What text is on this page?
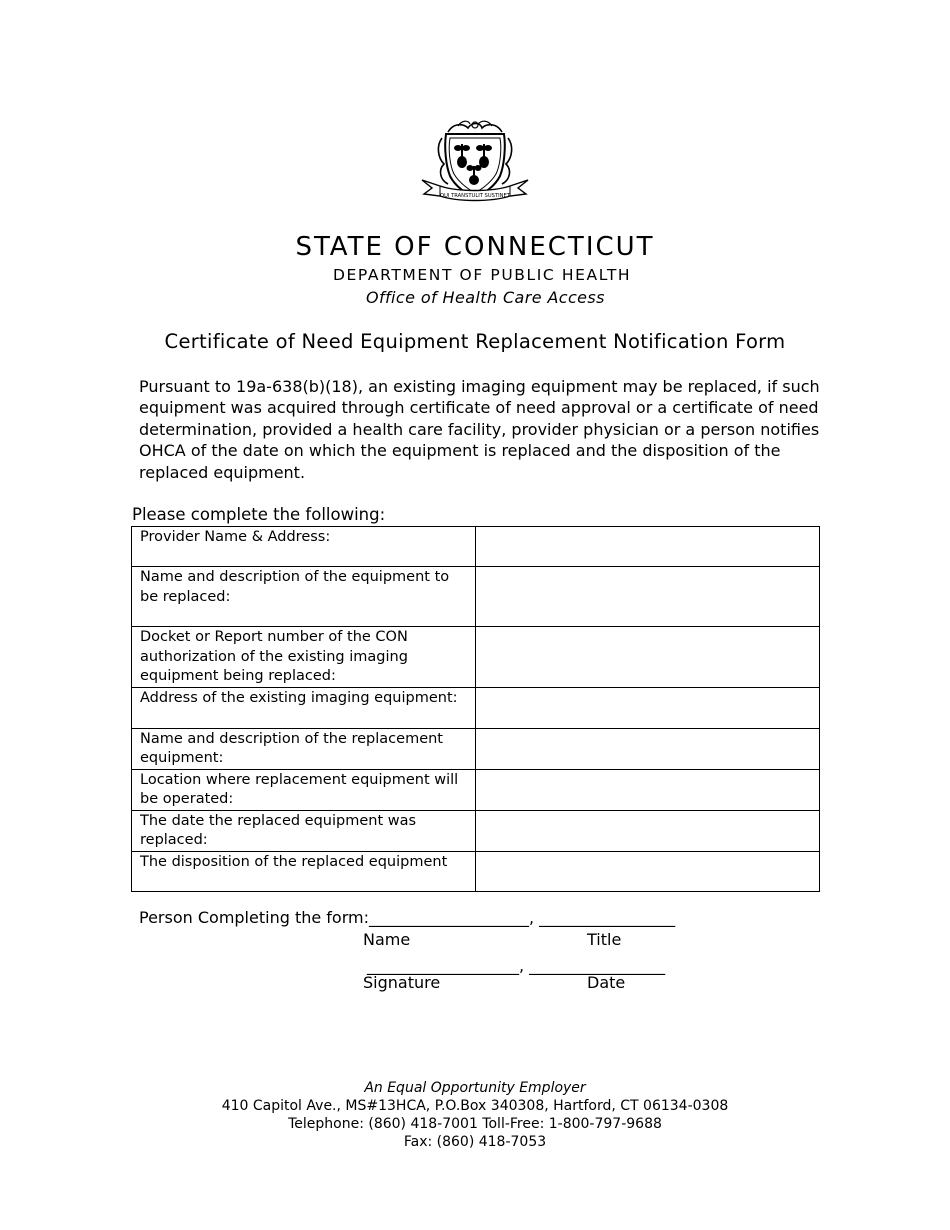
QUI TRANSTULIT SUSTINET
STATE OF CONNECTICUT
DEPARTMENT OF PUBLIC HEALTH
Office of Health Care Access
Certificate of Need Equipment Replacement Notification Form
Pursuant to 19a-638(b)(18), an existing imaging equipment may be replaced, if such equipment was acquired through certificate of need approval or a certificate of need determination, provided a health care facility, provider physician or a person notifies OHCA of the date on which the equipment is replaced and the disposition of the replaced equipment.
Please complete the following:
Provider Name & Address:	
Name and description of the equipment to be replaced:	
Docket or Report number of the CON authorization of the existing imaging equipment being replaced:	
Address of the existing imaging equipment:	
Name and description of the replacement equipment:	
Location where replacement equipment will be operated:	
The date the replaced equipment was replaced:	
The disposition of the replaced equipment	
Person Completing the form:____________________, _________________
Name	Title
___________________, _________________
Signature	Date
An Equal Opportunity Employer
410 Capitol Ave., MS#13HCA, P.O.Box 340308, Hartford, CT 06134-0308
Telephone: (860) 418-7001 Toll-Free: 1-800-797-9688
Fax: (860) 418-7053
